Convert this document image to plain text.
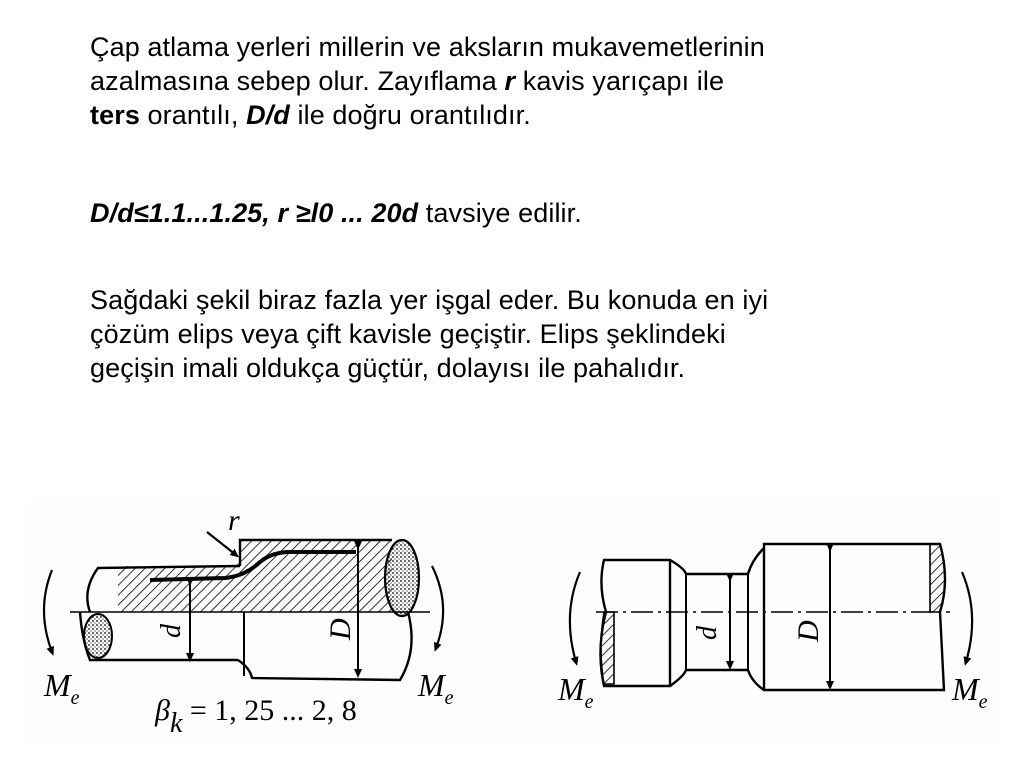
Çap atlama yerleri millerin ve aksların mukavemetlerinin
azalmasına sebep olur. Zayıflama r kavis yarıçapı ile
ters orantılı, D/d ile doğru orantılıdır.

D/d≤1.1...1.25, r ≥l0 ... 20d tavsiye edilir.

Sağdaki şekil biraz fazla yer işgal eder. Bu konuda en iyi
çözüm elips veya çift kavisle geçiştir. Elips şeklindeki
geçişin imali oldukça güçtür, dolayısı ile pahalıdır.

r
d	D
$M_e$	$M_e$
βk = 1, 25 ... 2, 8
d D
$M_e$	$M_e$
